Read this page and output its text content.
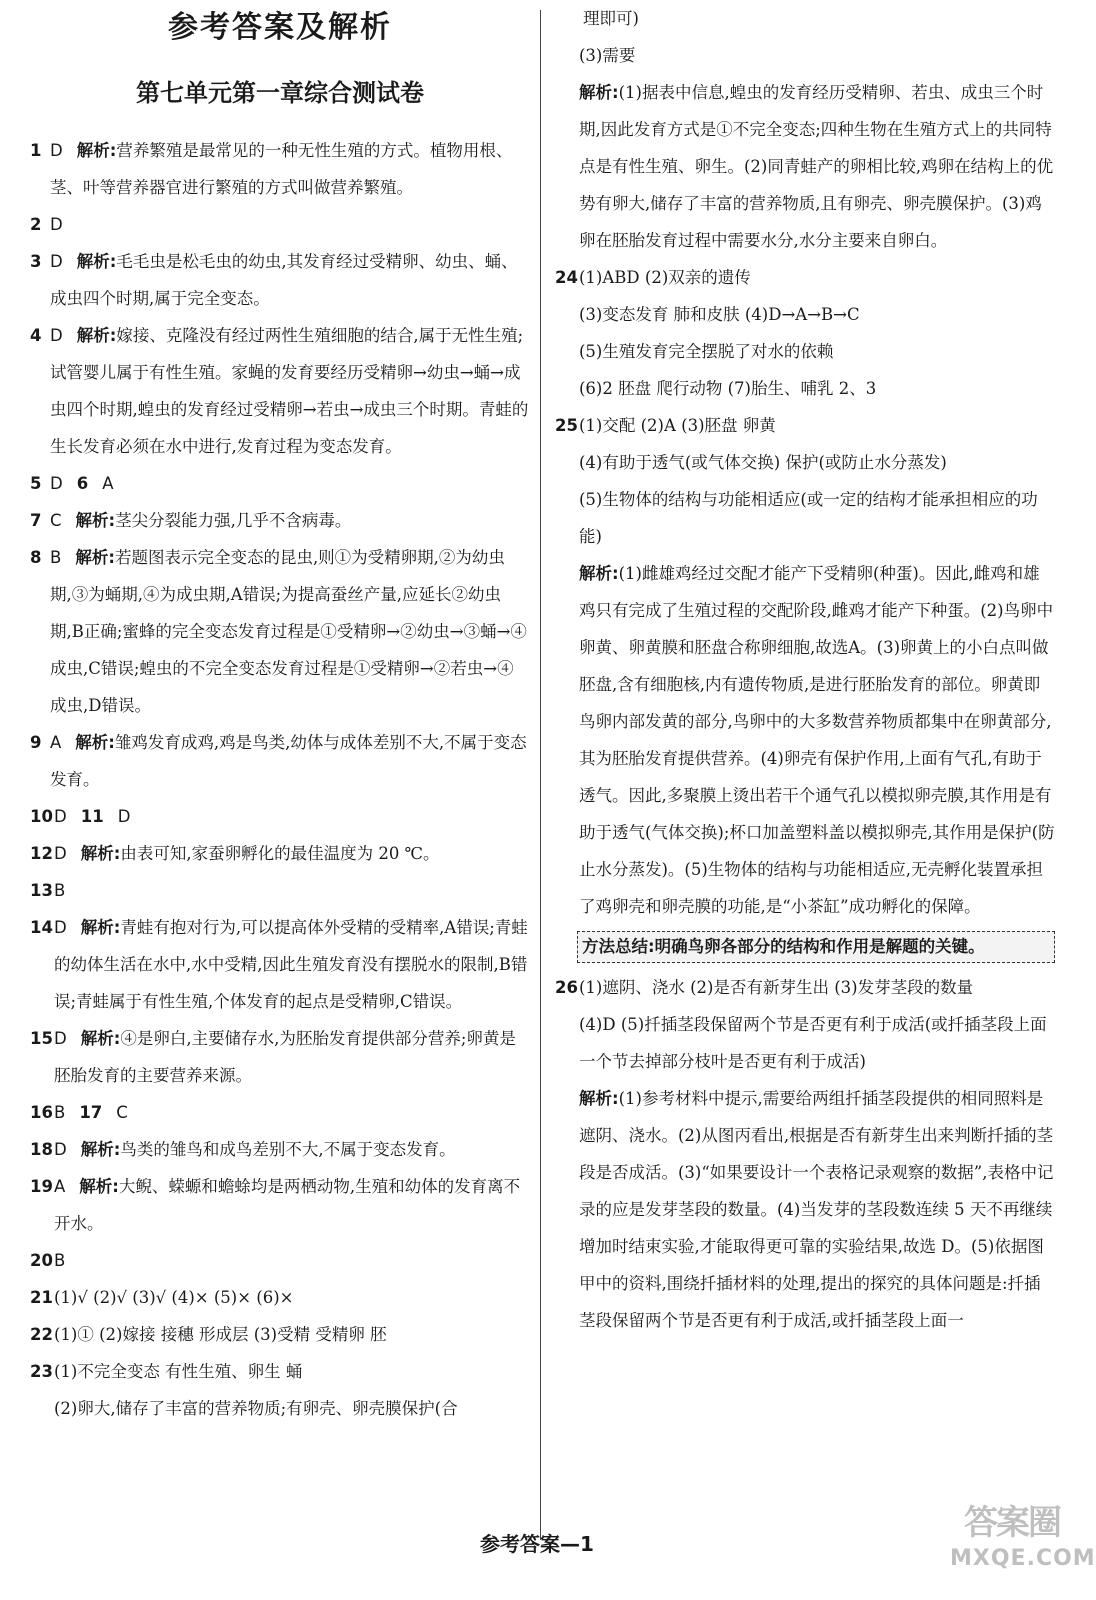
参考答案及解析
第七单元第一章综合测试卷
1 D 解析:营养繁殖是最常见的一种无性生殖的方式。植物用根、茎、叶等营养器官进行繁殖的方式叫做营养繁殖。
2 D
3 D 解析:毛毛虫是松毛虫的幼虫,其发育经过受精卵、幼虫、蛹、成虫四个时期,属于完全变态。
4 D 解析:嫁接、克隆没有经过两性生殖细胞的结合,属于无性生殖;试管婴儿属于有性生殖。家蝇的发育要经历受精卵→幼虫→蛹→成虫四个时期,蝗虫的发育经过受精卵→若虫→成虫三个时期。青蛙的生长发育必须在水中进行,发育过程为变态发育。
5 D 6 A
7 C 解析:茎尖分裂能力强,几乎不含病毒。
8 B 解析:若题图表示完全变态的昆虫,则①为受精卵期,②为幼虫期,③为蛹期,④为成虫期,A错误;为提高蚕丝产量,应延长②幼虫期,B正确;蜜蜂的完全变态发育过程是①受精卵→②幼虫→③蛹→④成虫,C错误;蝗虫的不完全变态发育过程是①受精卵→②若虫→④成虫,D错误。
9 A 解析:雏鸡发育成鸡,鸡是鸟类,幼体与成体差别不大,不属于变态发育。
10 D 11 D
12 D 解析:由表可知,家蚕卵孵化的最佳温度为 20 ℃。
13 B
14 D 解析:青蛙有抱对行为,可以提高体外受精的受精率,A错误;青蛙的幼体生活在水中,水中受精,因此生殖发育没有摆脱水的限制,B错误;青蛙属于有性生殖,个体发育的起点是受精卵,C错误。
15 D 解析:④是卵白,主要储存水,为胚胎发育提供部分营养;卵黄是胚胎发育的主要营养来源。
16 B 17 C
18 D 解析:鸟类的雏鸟和成鸟差别不大,不属于变态发育。
19 A 解析:大鲵、蝾螈和蟾蜍均是两栖动物,生殖和幼体的发育离不开水。
20 B
21 (1)√ (2)√ (3)√ (4)× (5)× (6)×
22 (1)① (2)嫁接 接穗 形成层 (3)受精 受精卵 胚
23 (1)不完全变态 有性生殖、卵生 蛹
(2)卵大,储存了丰富的营养物质;有卵壳、卵壳膜保护(合
理即可)
(3)需要
解析:(1)据表中信息,蝗虫的发育经历受精卵、若虫、成虫三个时期,因此发育方式是①不完全变态;四种生物在生殖方式上的共同特点是有性生殖、卵生。(2)同青蛙产的卵相比较,鸡卵在结构上的优势有卵大,储存了丰富的营养物质,且有卵壳、卵壳膜保护。(3)鸡卵在胚胎发育过程中需要水分,水分主要来自卵白。
24 (1)ABD (2)双亲的遗传
(3)变态发育 肺和皮肤 (4)D→A→B→C
(5)生殖发育完全摆脱了对水的依赖
(6)2 胚盘 爬行动物 (7)胎生、哺乳 2、3
25 (1)交配 (2)A (3)胚盘 卵黄
(4)有助于透气(或气体交换) 保护(或防止水分蒸发)
(5)生物体的结构与功能相适应(或一定的结构才能承担相应的功能)
解析:(1)雌雄鸡经过交配才能产下受精卵(种蛋)。因此,雌鸡和雄鸡只有完成了生殖过程的交配阶段,雌鸡才能产下种蛋。(2)鸟卵中卵黄、卵黄膜和胚盘合称卵细胞,故选A。(3)卵黄上的小白点叫做胚盘,含有细胞核,内有遗传物质,是进行胚胎发育的部位。卵黄即鸟卵内部发黄的部分,鸟卵中的大多数营养物质都集中在卵黄部分,其为胚胎发育提供营养。(4)卵壳有保护作用,上面有气孔,有助于透气。因此,多聚膜上烫出若干个通气孔以模拟卵壳膜,其作用是有助于透气(气体交换);杯口加盖塑料盖以模拟卵壳,其作用是保护(防止水分蒸发)。(5)生物体的结构与功能相适应,无壳孵化装置承担了鸡卵壳和卵壳膜的功能,是“小茶缸”成功孵化的保障。
方法总结:明确鸟卵各部分的结构和作用是解题的关键。
26 (1)遮阴、浇水 (2)是否有新芽生出 (3)发芽茎段的数量
(4)D (5)扦插茎段保留两个节是否更有利于成活(或扦插茎段上面一个节去掉部分枝叶是否更有利于成活)
解析:(1)参考材料中提示,需要给两组扦插茎段提供的相同照料是遮阴、浇水。(2)从图丙看出,根据是否有新芽生出来判断扦插的茎段是否成活。(3)“如果要设计一个表格记录观察的数据”,表格中记录的应是发芽茎段的数量。(4)当发芽的茎段数连续 5 天不再继续增加时结束实验,才能取得更可靠的实验结果,故选 D。(5)依据图甲中的资料,围绕扦插材料的处理,提出的探究的具体问题是:扦插茎段保留两个节是否更有利于成活,或扦插茎段上面一
参考答案—1
答案圈
MXQE.COM
